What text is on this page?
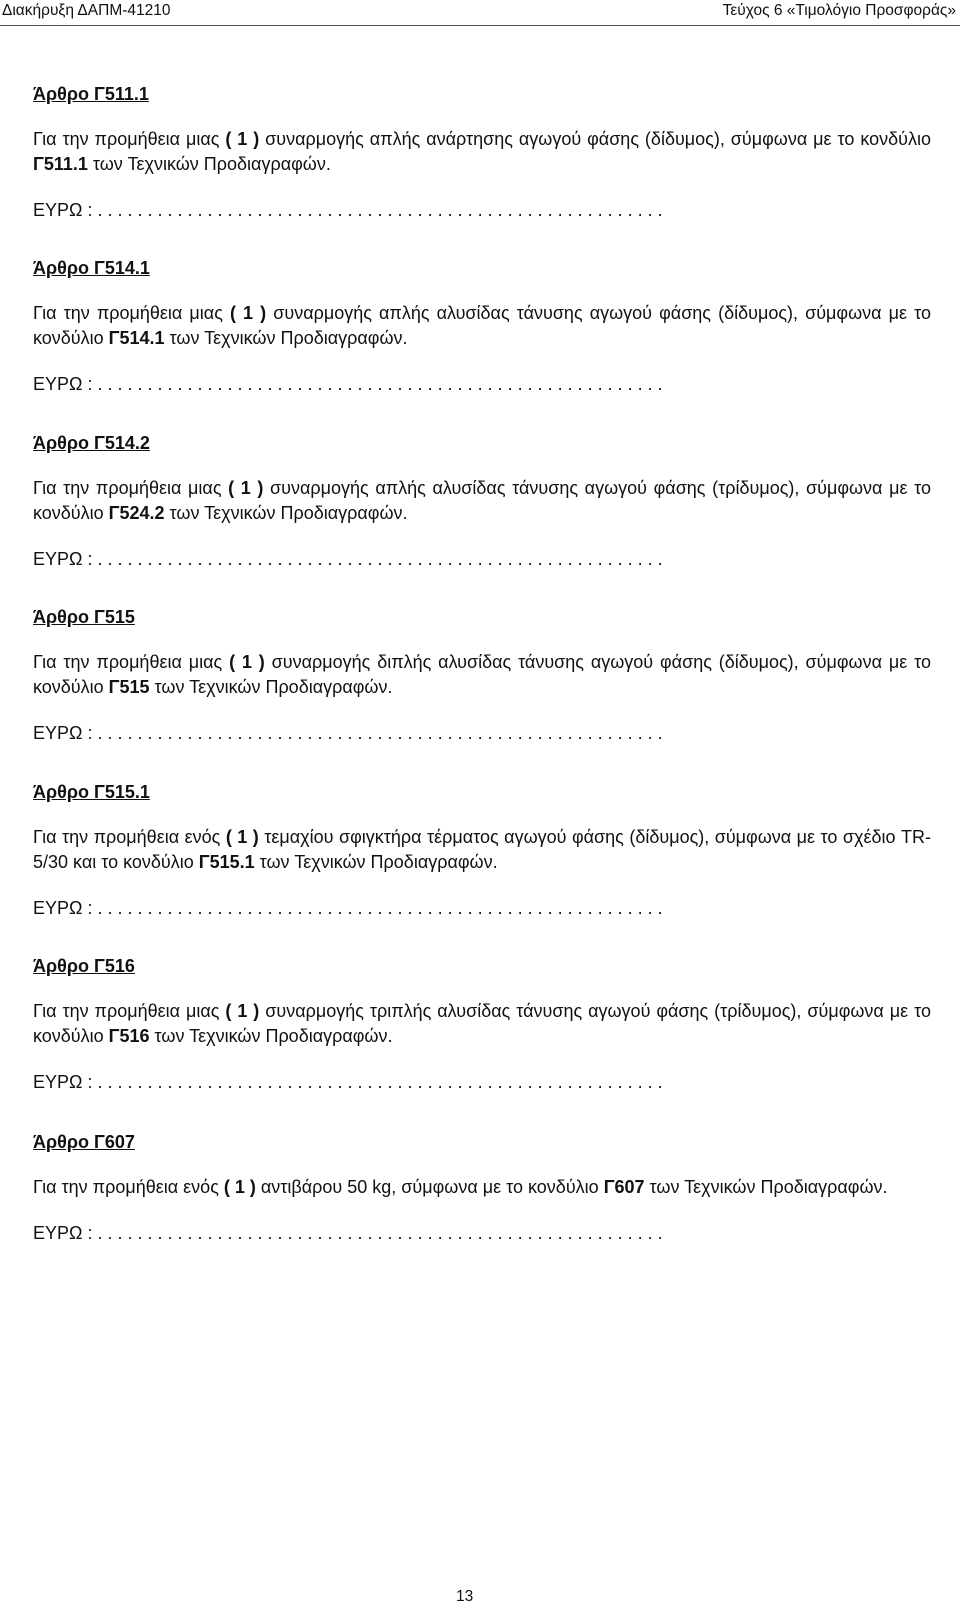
Διακήρυξη ΔΑΠΜ-41210	Τεύχος 6 «Τιμολόγιο Προσφοράς»
Άρθρο Γ511.1
Για την προμήθεια μιας ( 1 ) συναρμογής απλής ανάρτησης αγωγού φάσης (δίδυμος), σύμφωνα με το κονδύλιο Γ511.1 των Τεχνικών Προδιαγραφών.
ΕΥΡΩ : . . . . . . . . . . . . . . . . . . . . . . . . . . . . . . . . . . . . . . . . . . . . . . . . . . . . . . . . .
Άρθρο Γ514.1
Για την προμήθεια μιας ( 1 ) συναρμογής απλής αλυσίδας τάνυσης αγωγού φάσης (δίδυμος), σύμφωνα με το κονδύλιο Γ514.1 των Τεχνικών Προδιαγραφών.
ΕΥΡΩ : . . . . . . . . . . . . . . . . . . . . . . . . . . . . . . . . . . . . . . . . . . . . . . . . . . . . . . . . .
Άρθρο Γ514.2
Για την προμήθεια μιας ( 1 ) συναρμογής απλής αλυσίδας τάνυσης αγωγού φάσης (τρίδυμος), σύμφωνα με το κονδύλιο Γ524.2 των Τεχνικών Προδιαγραφών.
ΕΥΡΩ : . . . . . . . . . . . . . . . . . . . . . . . . . . . . . . . . . . . . . . . . . . . . . . . . . . . . . . . . .
Άρθρο Γ515
Για την προμήθεια μιας ( 1 ) συναρμογής διπλής αλυσίδας τάνυσης αγωγού φάσης (δίδυμος), σύμφωνα με το κονδύλιο Γ515 των Τεχνικών Προδιαγραφών.
ΕΥΡΩ : . . . . . . . . . . . . . . . . . . . . . . . . . . . . . . . . . . . . . . . . . . . . . . . . . . . . . . . . .
Άρθρο Γ515.1
Για την προμήθεια ενός ( 1 ) τεμαχίου σφιγκτήρα τέρματος αγωγού φάσης (δίδυμος), σύμφωνα με το σχέδιο TR-5/30 και το κονδύλιο Γ515.1 των Τεχνικών Προδιαγραφών.
ΕΥΡΩ : . . . . . . . . . . . . . . . . . . . . . . . . . . . . . . . . . . . . . . . . . . . . . . . . . . . . . . . . .
Άρθρο Γ516
Για την προμήθεια μιας ( 1 ) συναρμογής τριπλής αλυσίδας τάνυσης αγωγού φάσης (τρίδυμος), σύμφωνα με το κονδύλιο Γ516 των Τεχνικών Προδιαγραφών.
ΕΥΡΩ : . . . . . . . . . . . . . . . . . . . . . . . . . . . . . . . . . . . . . . . . . . . . . . . . . . . . . . . . .
Άρθρο Γ607
Για την προμήθεια ενός ( 1 ) αντιβάρου 50 kg, σύμφωνα με το κονδύλιο Γ607 των Τεχνικών Προδιαγραφών.
ΕΥΡΩ : . . . . . . . . . . . . . . . . . . . . . . . . . . . . . . . . . . . . . . . . . . . . . . . . . . . . . . . . .
13
